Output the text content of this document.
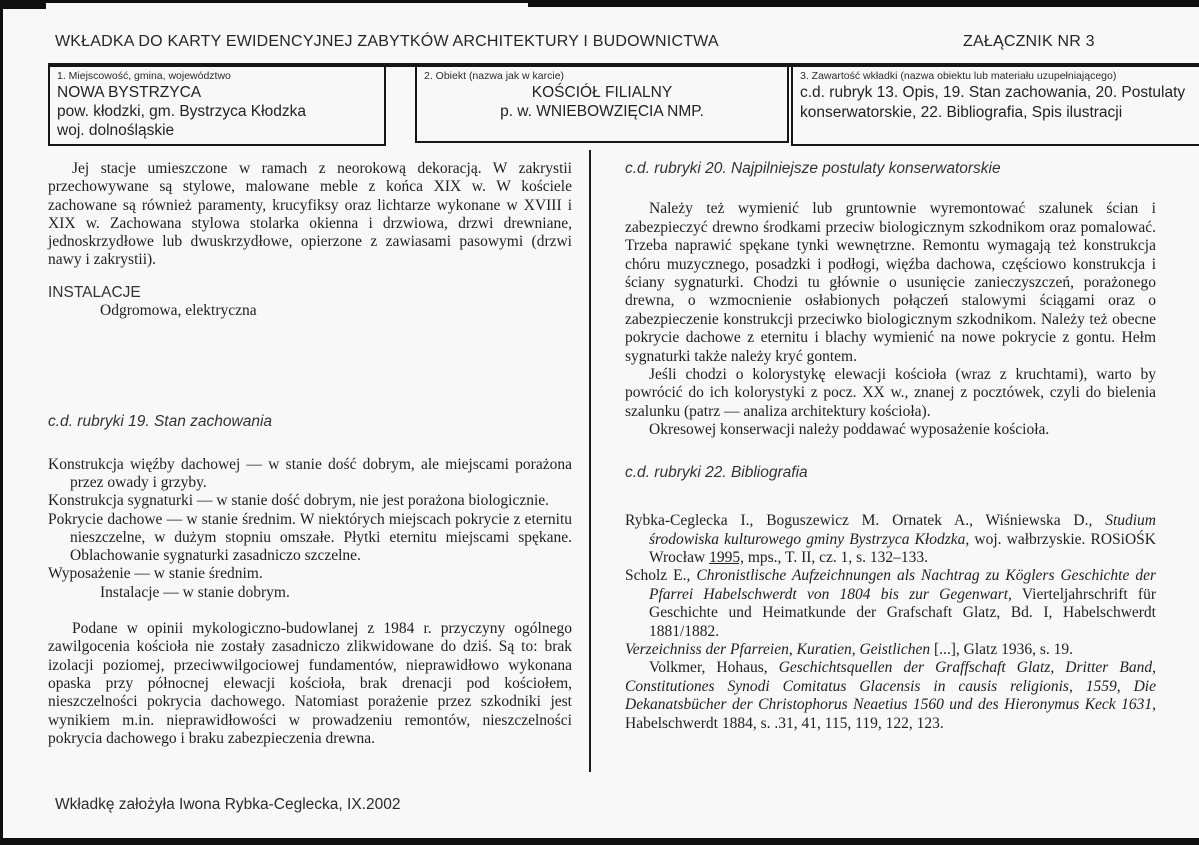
WKŁADKA DO KARTY EWIDENCYJNEJ ZABYTKÓW ARCHITEKTURY I BUDOWNICTWA	ZAŁĄCZNIK NR 3
1. Miejscowość, gmina, województwo
NOWA BYSTRZYCA
pow. kłodzki, gm. Bystrzyca Kłodzka
woj. dolnośląskie
2. Obiekt (nazwa jak w karcie)
KOŚCIÓŁ FILIALNY
p. w. WNIEBOWZIĘCIA NMP.
3. Zawartość wkładki (nazwa obiektu lub materiału uzupełniającego)
c.d. rubryk 13. Opis, 19. Stan zachowania, 20. Postulaty konserwatorskie, 22. Bibliografia, Spis ilustracji

Jej stacje umieszczone w ramach z neorokową dekoracją. W zakrystii przechowywane są stylowe, malowane meble z końca XIX w. W kościele zachowane są również paramenty, krucyfiksy oraz lichtarze wykonane w XVIII i XIX w. Zachowana stylowa stolarka okienna i drzwiowa, drzwi drewniane, jednoskrzydłowe lub dwuskrzydłowe, opierzone z zawiasami pasowymi (drzwi nawy i zakrystii).

INSTALACJE

Odgromowa, elektryczna

c.d. rubryki 19. Stan zachowania

Konstrukcja więźby dachowej — w stanie dość dobrym, ale miejscami porażona przez owady i grzyby.
Konstrukcja sygnaturki — w stanie dość dobrym, nie jest porażona biologicznie.
Pokrycie dachowe — w stanie średnim. W niektórych miejscach pokrycie z eternitu nieszczelne, w dużym stopniu omszałe. Płytki eternitu miejscami spękane. Oblachowanie sygnaturki zasadniczo szczelne.
Wyposażenie — w stanie średnim.
Instalacje — w stanie dobrym.

Podane w opinii mykologiczno-budowlanej z 1984 r. przyczyny ogólnego zawilgocenia kościoła nie zostały zasadniczo zlikwidowane do dziś. Są to: brak izolacji poziomej, przeciwwilgociowej fundamentów, nieprawidłowo wykonana opaska przy północnej elewacji kościoła, brak drenacji pod kościołem, nieszczelności pokrycia dachowego. Natomiast porażenie przez szkodniki jest wynikiem m.in. nieprawidłowości w prowadzeniu remontów, nieszczelności pokrycia dachowego i braku zabezpieczenia drewna.

c.d. rubryki 20. Najpilniejsze postulaty konserwatorskie

Należy też wymienić lub gruntownie wyremontować szalunek ścian i zabezpieczyć drewno środkami przeciw biologicznym szkodnikom oraz pomalować. Trzeba naprawić spękane tynki wewnętrzne. Remontu wymagają też konstrukcja chóru muzycznego, posadzki i podłogi, więźba dachowa, częściowo konstrukcja i ściany sygnaturki. Chodzi tu głównie o usunięcie zanieczyszczeń, porażonego drewna, o wzmocnienie osłabionych połączeń stalowymi ściągami oraz o zabezpieczenie konstrukcji przeciwko biologicznym szkodnikom. Należy też obecne pokrycie dachowe z eternitu i blachy wymienić na nowe pokrycie z gontu. Hełm sygnaturki także należy kryć gontem.

Jeśli chodzi o kolorystykę elewacji kościoła (wraz z kruchtami), warto by powrócić do ich kolorystyki z pocz. XX w., znanej z pocztówek, czyli do bielenia szalunku (patrz — analiza architektury kościoła).

Okresowej konserwacji należy poddawać wyposażenie kościoła.

c.d. rubryki 22. Bibliografia

Rybka-Ceglecka I., Boguszewicz M. Ornatek A., Wiśniewska D., Studium środowiska kulturowego gminy Bystrzyca Kłodzka, woj. wałbrzyskie. ROSiOŚK Wrocław 1995, mps., T. II, cz. 1, s. 132–133.

Scholz E., Chronistlische Aufzeichnungen als Nachtrag zu Köglers Geschichte der Pfarrei Habelschwerdt von 1804 bis zur Gegenwart, Vierteljahrschrift für Geschichte und Heimatkunde der Grafschaft Glatz, Bd. I, Habelschwerdt 1881/1882.

Verzeichniss der Pfarreien, Kuratien, Geistlichen [...], Glatz 1936, s. 19.

Volkmer, Hohaus, Geschichtsquellen der Graffschaft Glatz, Dritter Band, Constitutiones Synodi Comitatus Glacensis in causis religionis, 1559, Die Dekanatsbücher der Christophorus Neaetius 1560 und des Hieronymus Keck 1631, Habelschwerdt 1884, s. .31, 41, 115, 119, 122, 123.

Wkładkę założyła Iwona Rybka-Ceglecka, IX.2002
